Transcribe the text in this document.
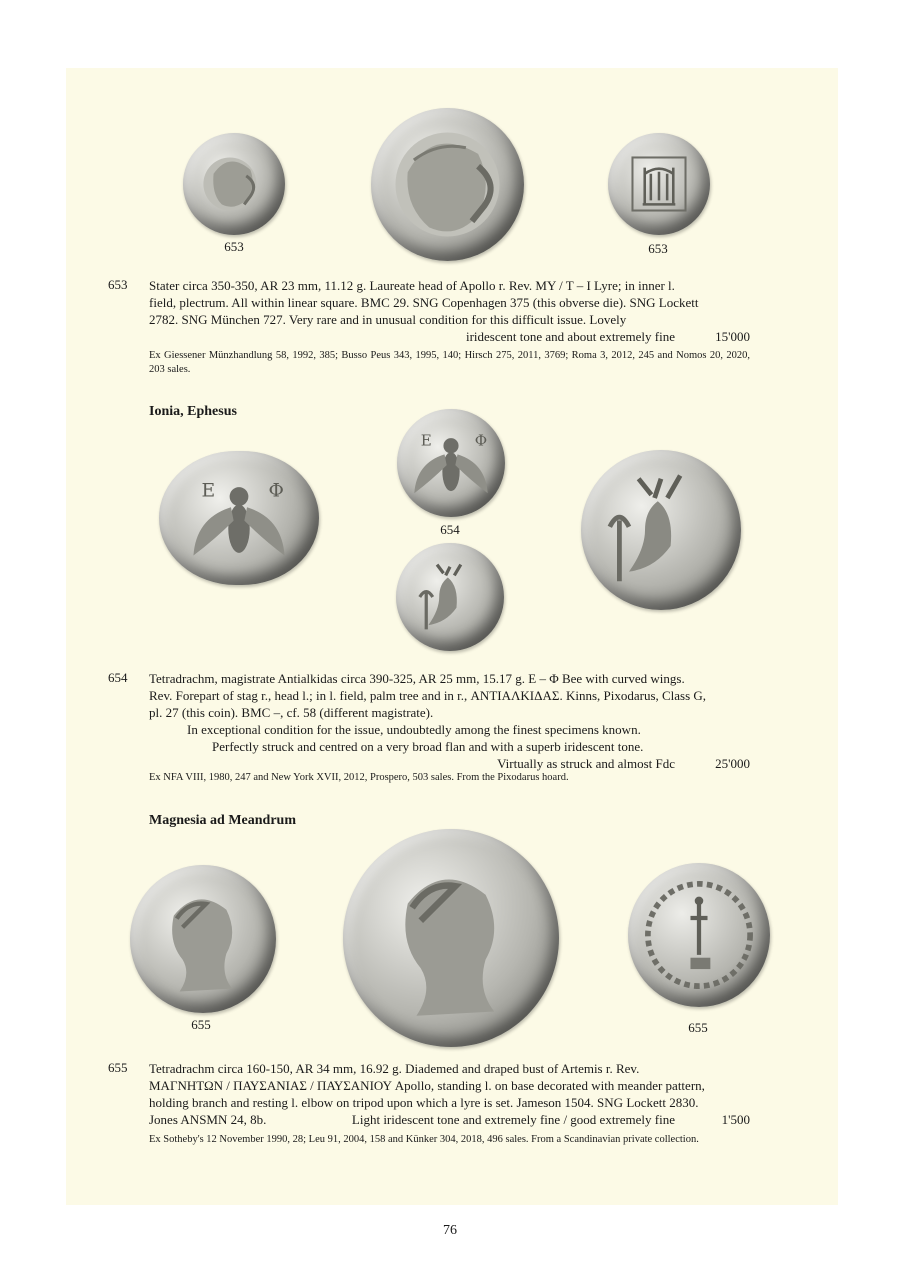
653	653
653 Stater circa 350-350, AR 23 mm, 11.12 g. Laureate head of Apollo r. Rev. MY / T – I Lyre; in inner l.
field, plectrum. All within linear square. BMC 29. SNG Copenhagen 375 (this obverse die). SNG Lockett
2782. SNG München 727. Very rare and in unusual condition for this difficult issue. Lovely
iridescent tone and about extremely fine	15'000
Ex Giessener Münzhandlung 58, 1992, 385; Busso Peus 343, 1995, 140; Hirsch 275, 2011, 3769; Roma 3, 2012, 245 and Nomos 20, 2020, 203 sales.
Ionia, Ephesus
Ε	Φ
Ε	Φ
654
654 Tetradrachm, magistrate Antialkidas circa 390-325, AR 25 mm, 15.17 g. E – Φ Bee with curved wings.
Rev. Forepart of stag r., head l.; in l. field, palm tree and in r., ΑΝΤΙΑΛΚΙΔΑΣ. Kinns, Pixodarus, Class G,
pl. 27 (this coin). BMC –, cf. 58 (different magistrate).
In exceptional condition for the issue, undoubtedly among the finest specimens known.
Perfectly struck and centred on a very broad flan and with a superb iridescent tone.
Virtually as struck and almost Fdc	25'000
Ex NFA VIII, 1980, 247 and New York XVII, 2012, Prospero, 503 sales. From the Pixodarus hoard.
Magnesia ad Meandrum
655	655
655 Tetradrachm circa 160-150, AR 34 mm, 16.92 g. Diademed and draped bust of Artemis r. Rev.
ΜΑΓΝΗΤΩΝ / ΠΑΥΣΑΝΙΑΣ / ΠΑΥΣΑΝΙΟΥ Apollo, standing l. on base decorated with meander pattern,
holding branch and resting l. elbow on tripod upon which a lyre is set. Jameson 1504. SNG Lockett 2830.
Jones ANSMN 24, 8b.	Light iridescent tone and extremely fine / good extremely fine	1'500
Ex Sotheby's 12 November 1990, 28; Leu 91, 2004, 158 and Künker 304, 2018, 496 sales. From a Scandinavian private collection.
76
